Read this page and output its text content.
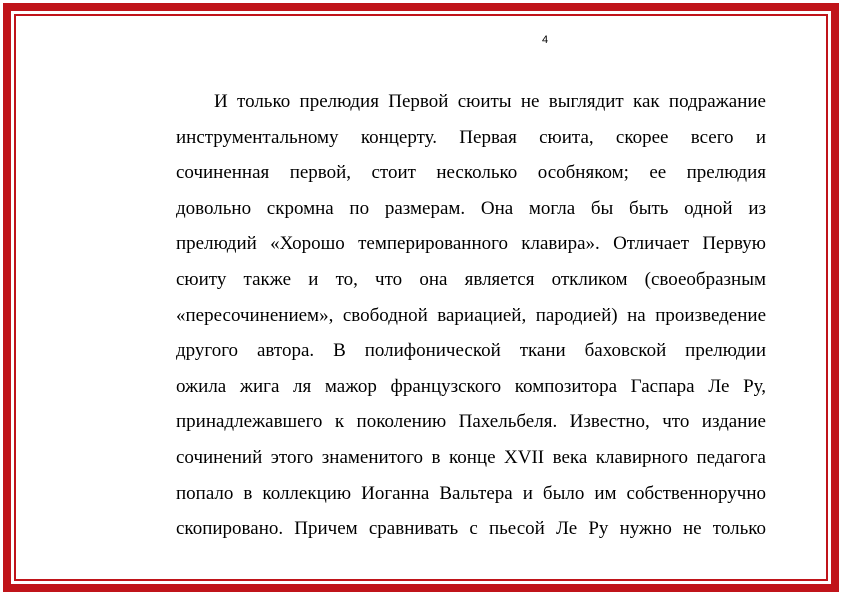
4
И только прелюдия Первой сюиты не выглядит как подражание
инструментальному концерту. Первая сюита, скорее всего и
сочиненная первой, стоит несколько особняком; ее прелюдия
довольно скромна по размерам. Она могла бы быть одной из
прелюдий «Хорошо темперированного клавира». Отличает Первую
сюиту также и то, что она является откликом (своеобразным
«пересочинением», свободной вариацией, пародией) на произведение
другого автора. В полифонической ткани баховской прелюдии
ожила жига ля мажор французского композитора Гаспара Ле Ру,
принадлежавшего к поколению Пахельбеля. Известно, что издание
сочинений этого знаменитого в конце XVII века клавирного педагога
попало в коллекцию Иоганна Вальтера и было им собственноручно
скопировано. Причем сравнивать с пьесой Ле Ру нужно не только
